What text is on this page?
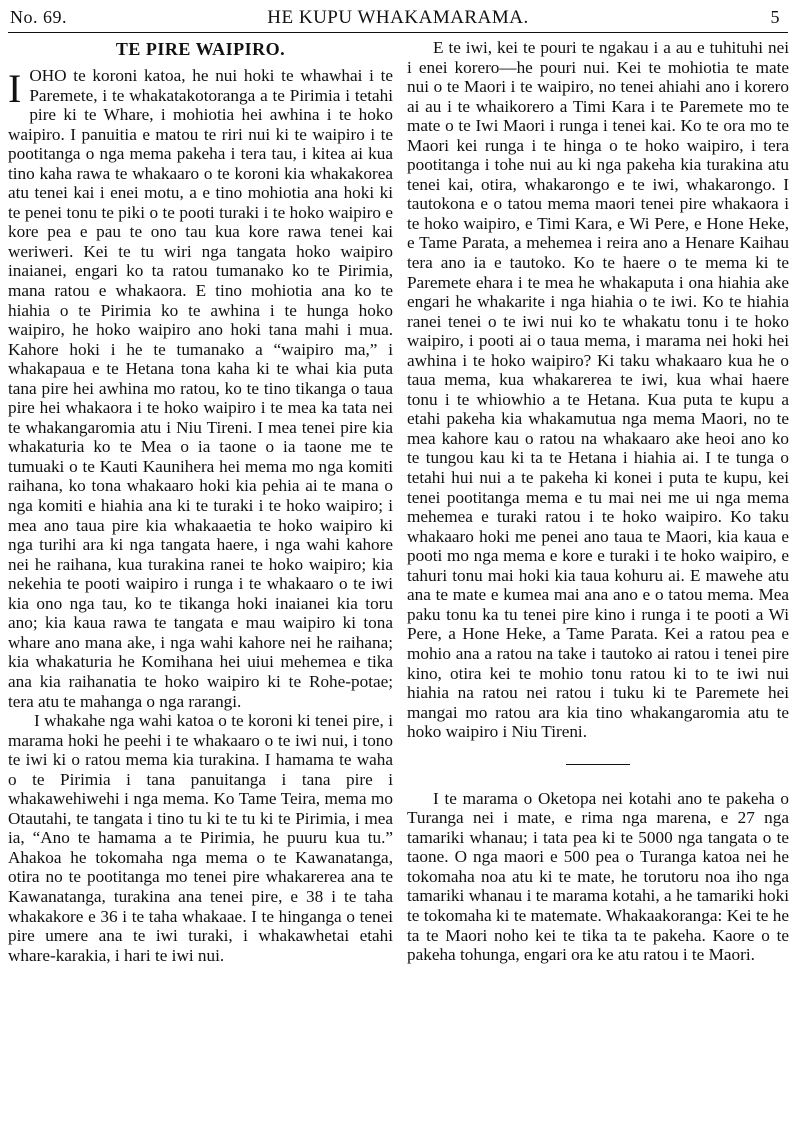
No. 69.	HE KUPU WHAKAMARAMA.	5
TE PIRE WAIPIRO.

IOHO te koroni katoa, he nui hoki te whawhai i te Paremete, i te whakatakotoranga a te Pirimia i tetahi pire ki te Whare, i mohiotia hei awhina i te hoko waipiro. I panuitia e matou te riri nui ki te waipiro i te pootitanga o nga mema pakeha i tera tau, i kitea ai kua tino kaha rawa te whakaaro o te koroni kia whakakorea atu tenei kai i enei motu, a e tino mohiotia ana hoki ki te penei tonu te piki o te pooti turaki i te hoko waipiro e kore pea e pau te ono tau kua kore rawa tenei kai weriweri. Kei te tu wiri nga tangata hoko waipiro inaianei, engari ko ta ratou tumanako ko te Pirimia, mana ratou e whakaora. E tino mohiotia ana ko te hiahia o te Pirimia ko te awhina i te hunga hoko waipiro, he hoko waipiro ano hoki tana mahi i mua. Kahore hoki i he te tumanako a “waipiro ma,” i whakapaua e te Hetana tona kaha ki te whai kia puta tana pire hei awhina mo ratou, ko te tino tikanga o taua pire hei whakaora i te hoko waipiro i te mea ka tata nei te whakangaromia atu i Niu Tireni. I mea tenei pire kia whakaturia ko te Mea o ia taone o ia taone me te tumuaki o te Kauti Kaunihera hei mema mo nga komiti raihana, ko tona whakaaro hoki kia pehia ai te mana o nga komiti e hiahia ana ki te turaki i te hoko waipiro; i mea ano taua pire kia whakaaetia te hoko waipiro ki nga turihi ara ki nga tangata haere, i nga wahi kahore nei he raihana, kua turakina ranei te hoko waipiro; kia nekehia te pooti waipiro i runga i te whakaaro o te iwi kia ono nga tau, ko te tikanga hoki inaianei kia toru ano; kia kaua rawa te tangata e mau waipiro ki tona whare ano mana ake, i nga wahi kahore nei he raihana; kia whakaturia he Komihana hei uiui mehemea e tika ana kia raihanatia te hoko waipiro ki te Rohe-potae; tera atu te mahanga o nga rarangi.

I whakahe nga wahi katoa o te koroni ki tenei pire, i marama hoki he peehi i te whakaaro o te iwi nui, i tono te iwi ki o ratou mema kia turakina. I hamama te waha o te Pirimia i tana panuitanga i tana pire i whakawehiwehi i nga mema. Ko Tame Teira, mema mo Otautahi, te tangata i tino tu ki te tu ki te Pirimia, i mea ia, “Ano te hamama a te Pirimia, he puuru kua tu.” Ahakoa he tokomaha nga mema o te Kawanatanga, otira no te pootitanga mo tenei pire whakarerea ana te Kawanatanga, turakina ana tenei pire, e 38 i te taha whakakore e 36 i te taha whakaae. I te hinganga o tenei pire umere ana te iwi turaki, i whakawhetai etahi whare-karakia, i hari te iwi nui.

E te iwi, kei te pouri te ngakau i a au e tuhituhi nei i enei korero—he pouri nui. Kei te mohiotia te mate nui o te Maori i te waipiro, no tenei ahiahi ano i korero ai au i te whaikorero a Timi Kara i te Paremete mo te mate o te Iwi Maori i runga i tenei kai. Ko te ora mo te Maori kei runga i te hinga o te hoko waipiro, i tera pootitanga i tohe nui au ki nga pakeha kia turakina atu tenei kai, otira, whakarongo e te iwi, whakarongo. I tautokona e o tatou mema maori tenei pire whakaora i te hoko waipiro, e Timi Kara, e Wi Pere, e Hone Heke, e Tame Parata, a mehemea i reira ano a Henare Kaihau tera ano ia e tautoko. Ko te haere o te mema ki te Paremete ehara i te mea he whakaputa i ona hiahia ake engari he whakarite i nga hiahia o te iwi. Ko te hiahia ranei tenei o te iwi nui ko te whakatu tonu i te hoko waipiro, i pooti ai o taua mema, i marama nei hoki hei awhina i te hoko waipiro? Ki taku whakaaro kua he o taua mema, kua whakarerea te iwi, kua whai haere tonu i te whiowhio a te Hetana. Kua puta te kupu a etahi pakeha kia whakamutua nga mema Maori, no te mea kahore kau o ratou na whakaaro ake heoi ano ko te tungou kau ki ta te Hetana i hiahia ai. I te tunga o tetahi hui nui a te pakeha ki konei i puta te kupu, kei tenei pootitanga mema e tu mai nei me ui nga mema mehemea e turaki ratou i te hoko waipiro. Ko taku whakaaro hoki me penei ano taua te Maori, kia kaua e pooti mo nga mema e kore e turaki i te hoko waipiro, e tahuri tonu mai hoki kia taua kohuru ai. E mawehe atu ana te mate e kumea mai ana ano e o tatou mema. Mea paku tonu ka tu tenei pire kino i runga i te pooti a Wi Pere, a Hone Heke, a Tame Parata. Kei a ratou pea e mohio ana a ratou na take i tautoko ai ratou i tenei pire kino, otira kei te mohio tonu ratou ki to te iwi nui hiahia na ratou nei ratou i tuku ki te Paremete hei mangai mo ratou ara kia tino whakangaromia atu te hoko waipiro i Niu Tireni.

I te marama o Oketopa nei kotahi ano te pakeha o Turanga nei i mate, e rima nga marena, e 27 nga tamariki whanau; i tata pea ki te 5000 nga tangata o te taone. O nga maori e 500 pea o Turanga katoa nei he tokomaha noa atu ki te mate, he torutoru noa iho nga tamariki whanau i te marama kotahi, a he tamariki hoki te tokomaha ki te matemate. Whakaakoranga: Kei te he ta te Maori noho kei te tika ta te pakeha. Kaore o te pakeha tohunga, engari ora ke atu ratou i te Maori.
